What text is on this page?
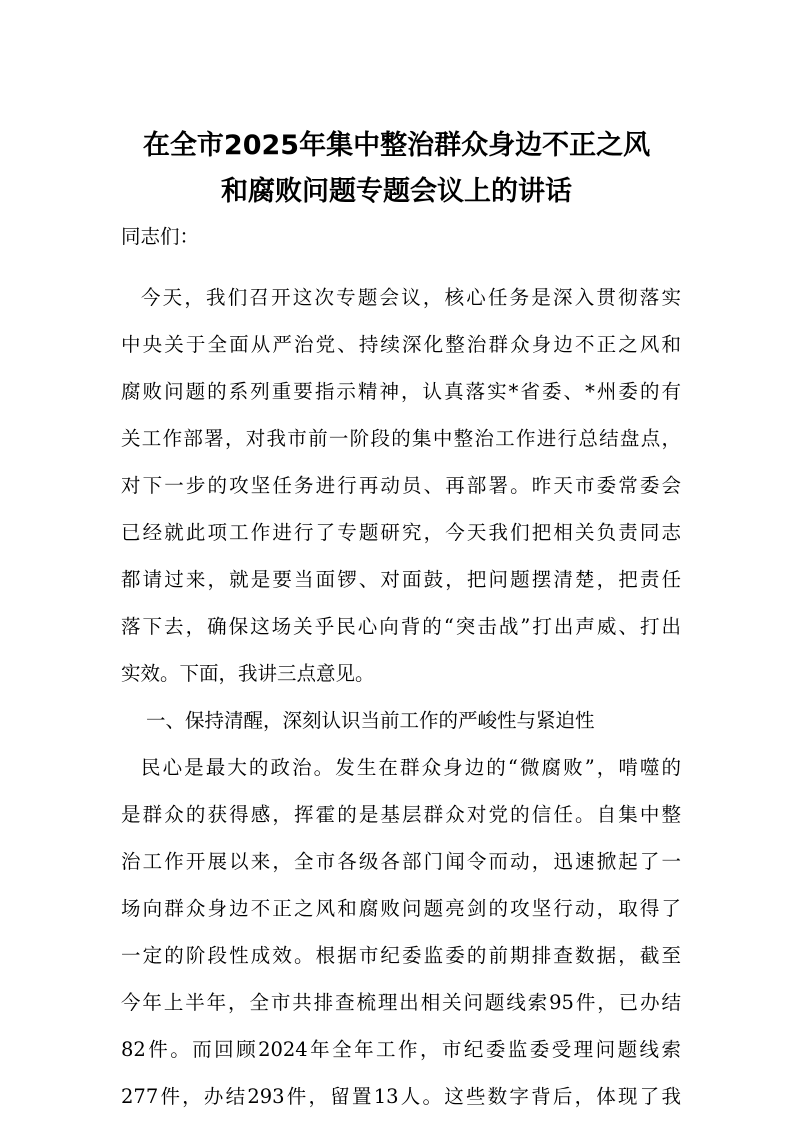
在全市2025年集中整治群众身边不正之风
和腐败问题专题会议上的讲话
同志们：
今天，我们召开这次专题会议，核心任务是深入贯彻落实
中央关于全面从严治党、持续深化整治群众身边不正之风和
腐败问题的系列重要指示精神，认真落实*省委、*州委的有
关工作部署，对我市前一阶段的集中整治工作进行总结盘点，
对下一步的攻坚任务进行再动员、再部署。昨天市委常委会
已经就此项工作进行了专题研究，今天我们把相关负责同志
都请过来，就是要当面锣、对面鼓，把问题摆清楚，把责任
落下去，确保这场关乎民心向背的“突击战”打出声威、打出
实效。下面，我讲三点意见。
一、保持清醒，深刻认识当前工作的严峻性与紧迫性
民心是最大的政治。发生在群众身边的“微腐败”，啃噬的
是群众的获得感，挥霍的是基层群众对党的信任。自集中整
治工作开展以来，全市各级各部门闻令而动，迅速掀起了一
场向群众身边不正之风和腐败问题亮剑的攻坚行动，取得了
一定的阶段性成效。根据市纪委监委的前期排查数据，截至
今年上半年，全市共排查梳理出相关问题线索95件，已办结
82件。而回顾2024年全年工作，市纪委监委受理问题线索
277件，办结293件，留置13人。这些数字背后，体现了我
